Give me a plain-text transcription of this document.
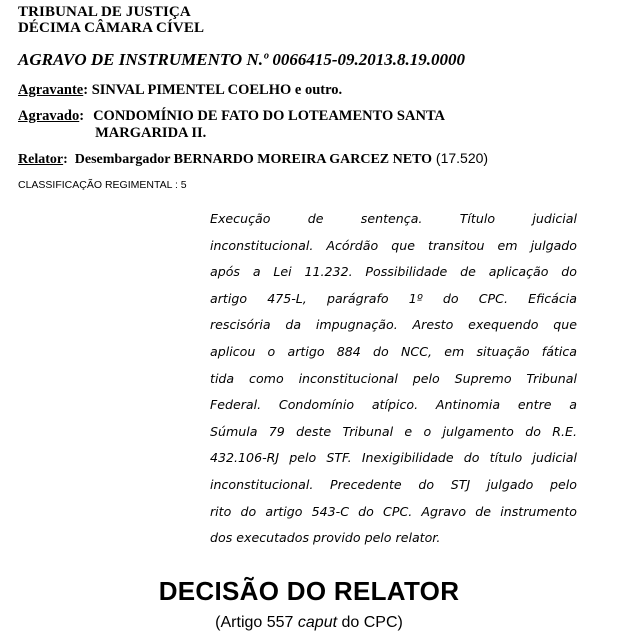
TRIBUNAL DE JUSTIÇA
DÉCIMA CÂMARA CÍVEL
AGRAVO DE INSTRUMENTO N.º 0066415-09.2013.8.19.0000
Agravante: SINVAL PIMENTEL COELHO e outro.
Agravado: CONDOMÍNIO DE FATO DO LOTEAMENTO SANTA
MARGARIDA II.
Relator:  Desembargador BERNARDO MOREIRA GARCEZ NETO (17.520)
CLASSIFICAÇÃO REGIMENTAL : 5
Execução de sentença. Título judicial
inconstitucional. Acórdão que transitou em julgado
após a Lei 11.232. Possibilidade de aplicação do
artigo 475-L, parágrafo 1º do CPC. Eficácia
rescisória da impugnação. Aresto exequendo que
aplicou o artigo 884 do NCC, em situação fática
tida como inconstitucional pelo Supremo Tribunal
Federal. Condomínio atípico. Antinomia entre a
Súmula 79 deste Tribunal e o julgamento do R.E.
432.106-RJ pelo STF. Inexigibilidade do título judicial
inconstitucional. Precedente do STJ julgado pelo
rito do artigo 543-C do CPC. Agravo de instrumento
dos executados provido pelo relator.
DECISÃO DO RELATOR
(Artigo 557 caput do CPC)
